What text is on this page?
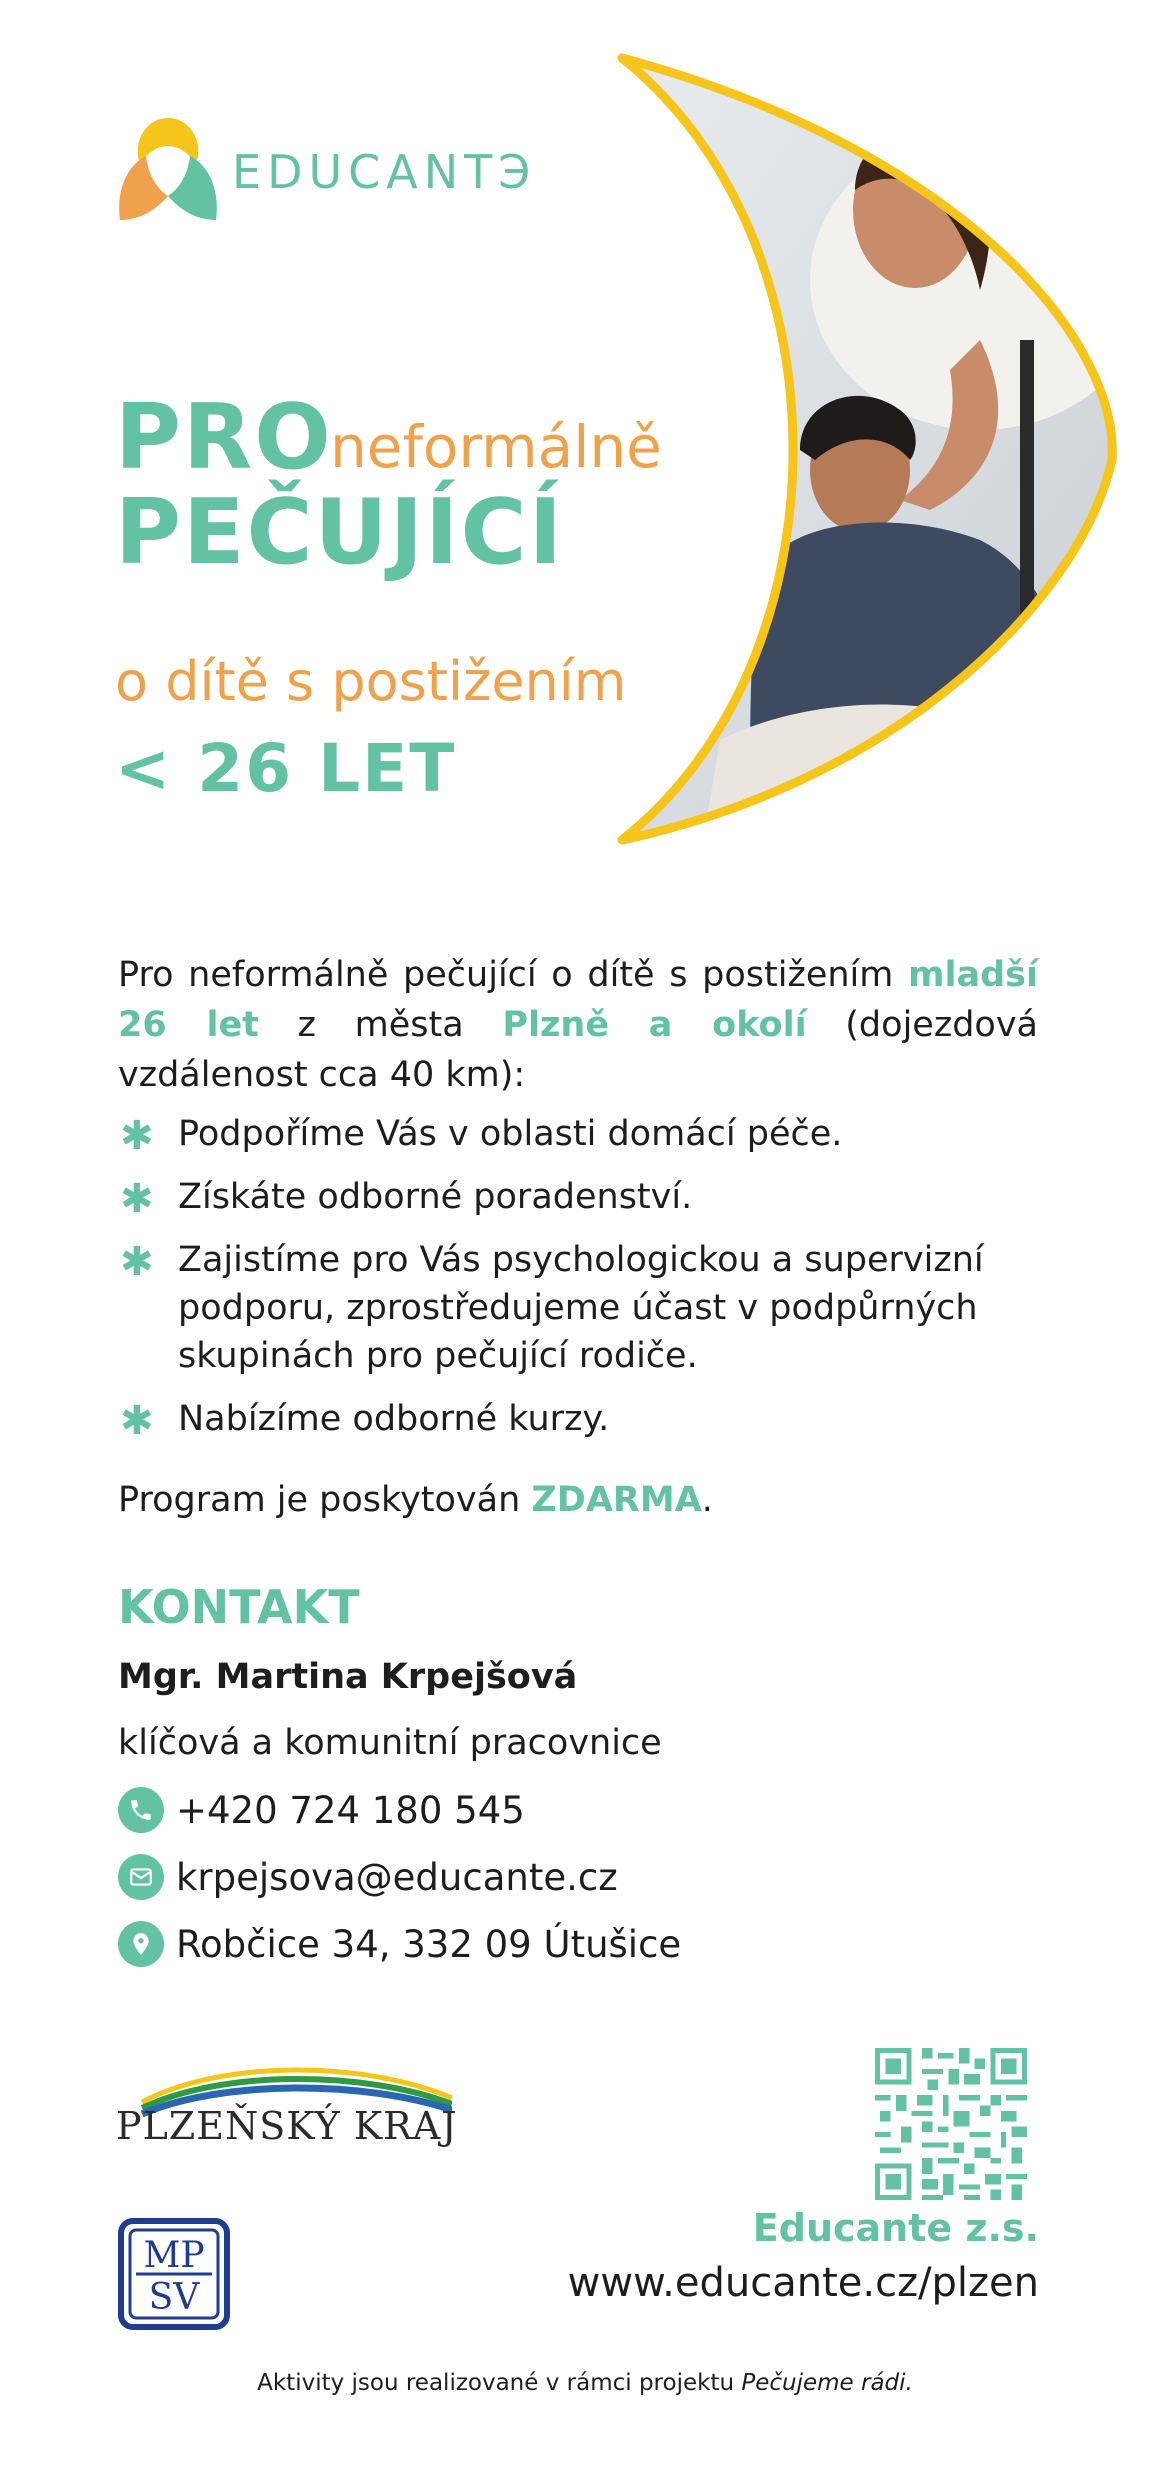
EDUCANTЭ
PRO
neformálně
PEČUJÍCÍ
o dítě s postižením
< 26 LET
Pro neformálně pečující o dítě s postižením mladší 26 let z města Plzně a okolí (dojezdová vzdálenost cca 40 km):
✱ Podpoříme Vás v oblasti domácí péče.
✱ Získáte odborné poradenství.
✱ Zajistíme pro Vás psychologickou a supervizní podporu, zprostředujeme účast v podpůrných skupinách pro pečující rodiče.
✱ Nabízíme odborné kurzy.
Program je poskytován ZDARMA.
KONTAKT
Mgr. Martina Krpejšová
klíčová a komunitní pracovnice
+420 724 180 545
krpejsova@educante.cz
Robčice 34, 332 09 Útušice
PLZEŇSKÝ KRAJ
MP
SV
Educante z.s.
www.educante.cz/plzen
Aktivity jsou realizované v rámci projektu Pečujeme rádi.
